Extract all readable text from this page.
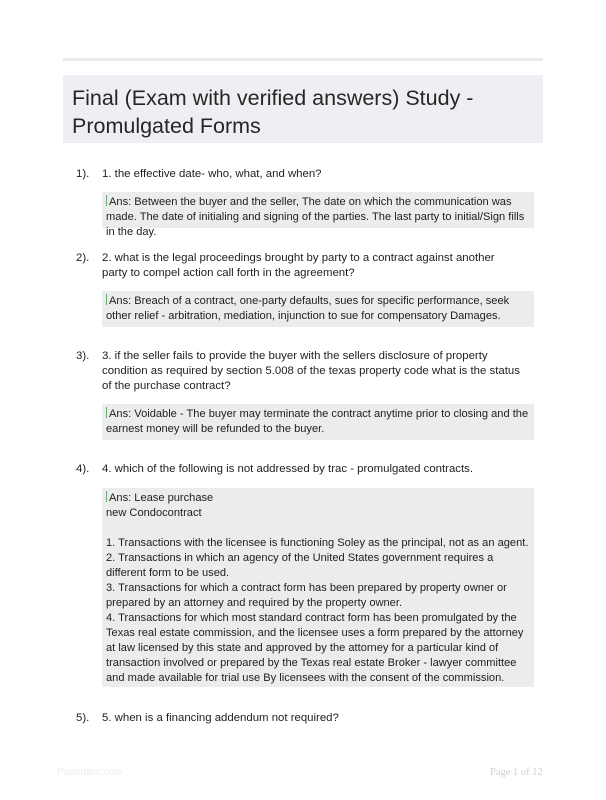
Final (Exam with verified answers) Study - Promulgated Forms
1). 1. the effective date- who, what, and when?
Ans: Between the buyer and the seller, The date on which the communication was made. The date of initialing and signing of the parties. The last party to initial/Sign fills in the day.
2). 2. what is the legal proceedings brought by party to a contract against another party to compel action call forth in the agreement?
Ans: Breach of a contract, one-party defaults, sues for specific performance, seek other relief - arbitration, mediation, injunction to sue for compensatory Damages.
3). 3. if the seller fails to provide the buyer with the sellers disclosure of property condition as required by section 5.008 of the texas property code what is the status of the purchase contract?
Ans: Voidable - The buyer may terminate the contract anytime prior to closing and the earnest money will be refunded to the buyer.
4). 4. which of the following is not addressed by trac - promulgated contracts.
Ans: Lease purchase
new Condocontract

1. Transactions with the licensee is functioning Soley as the principal, not as an agent.
2. Transactions in which an agency of the United States government requires a different form to be used.
3. Transactions for which a contract form has been prepared by property owner or prepared by an attorney and required by the property owner.
4. Transactions for which most standard contract form has been promulgated by the Texas real estate commission, and the licensee uses a form prepared by the attorney at law licensed by this state and approved by the attorney for a particular kind of transaction involved or prepared by the Texas real estate Broker - lawyer committee and made available for trial use By licensees with the consent of the commission.
5). 5. when is a financing addendum not required?
Paperlibic.com	Page 1 of 12
